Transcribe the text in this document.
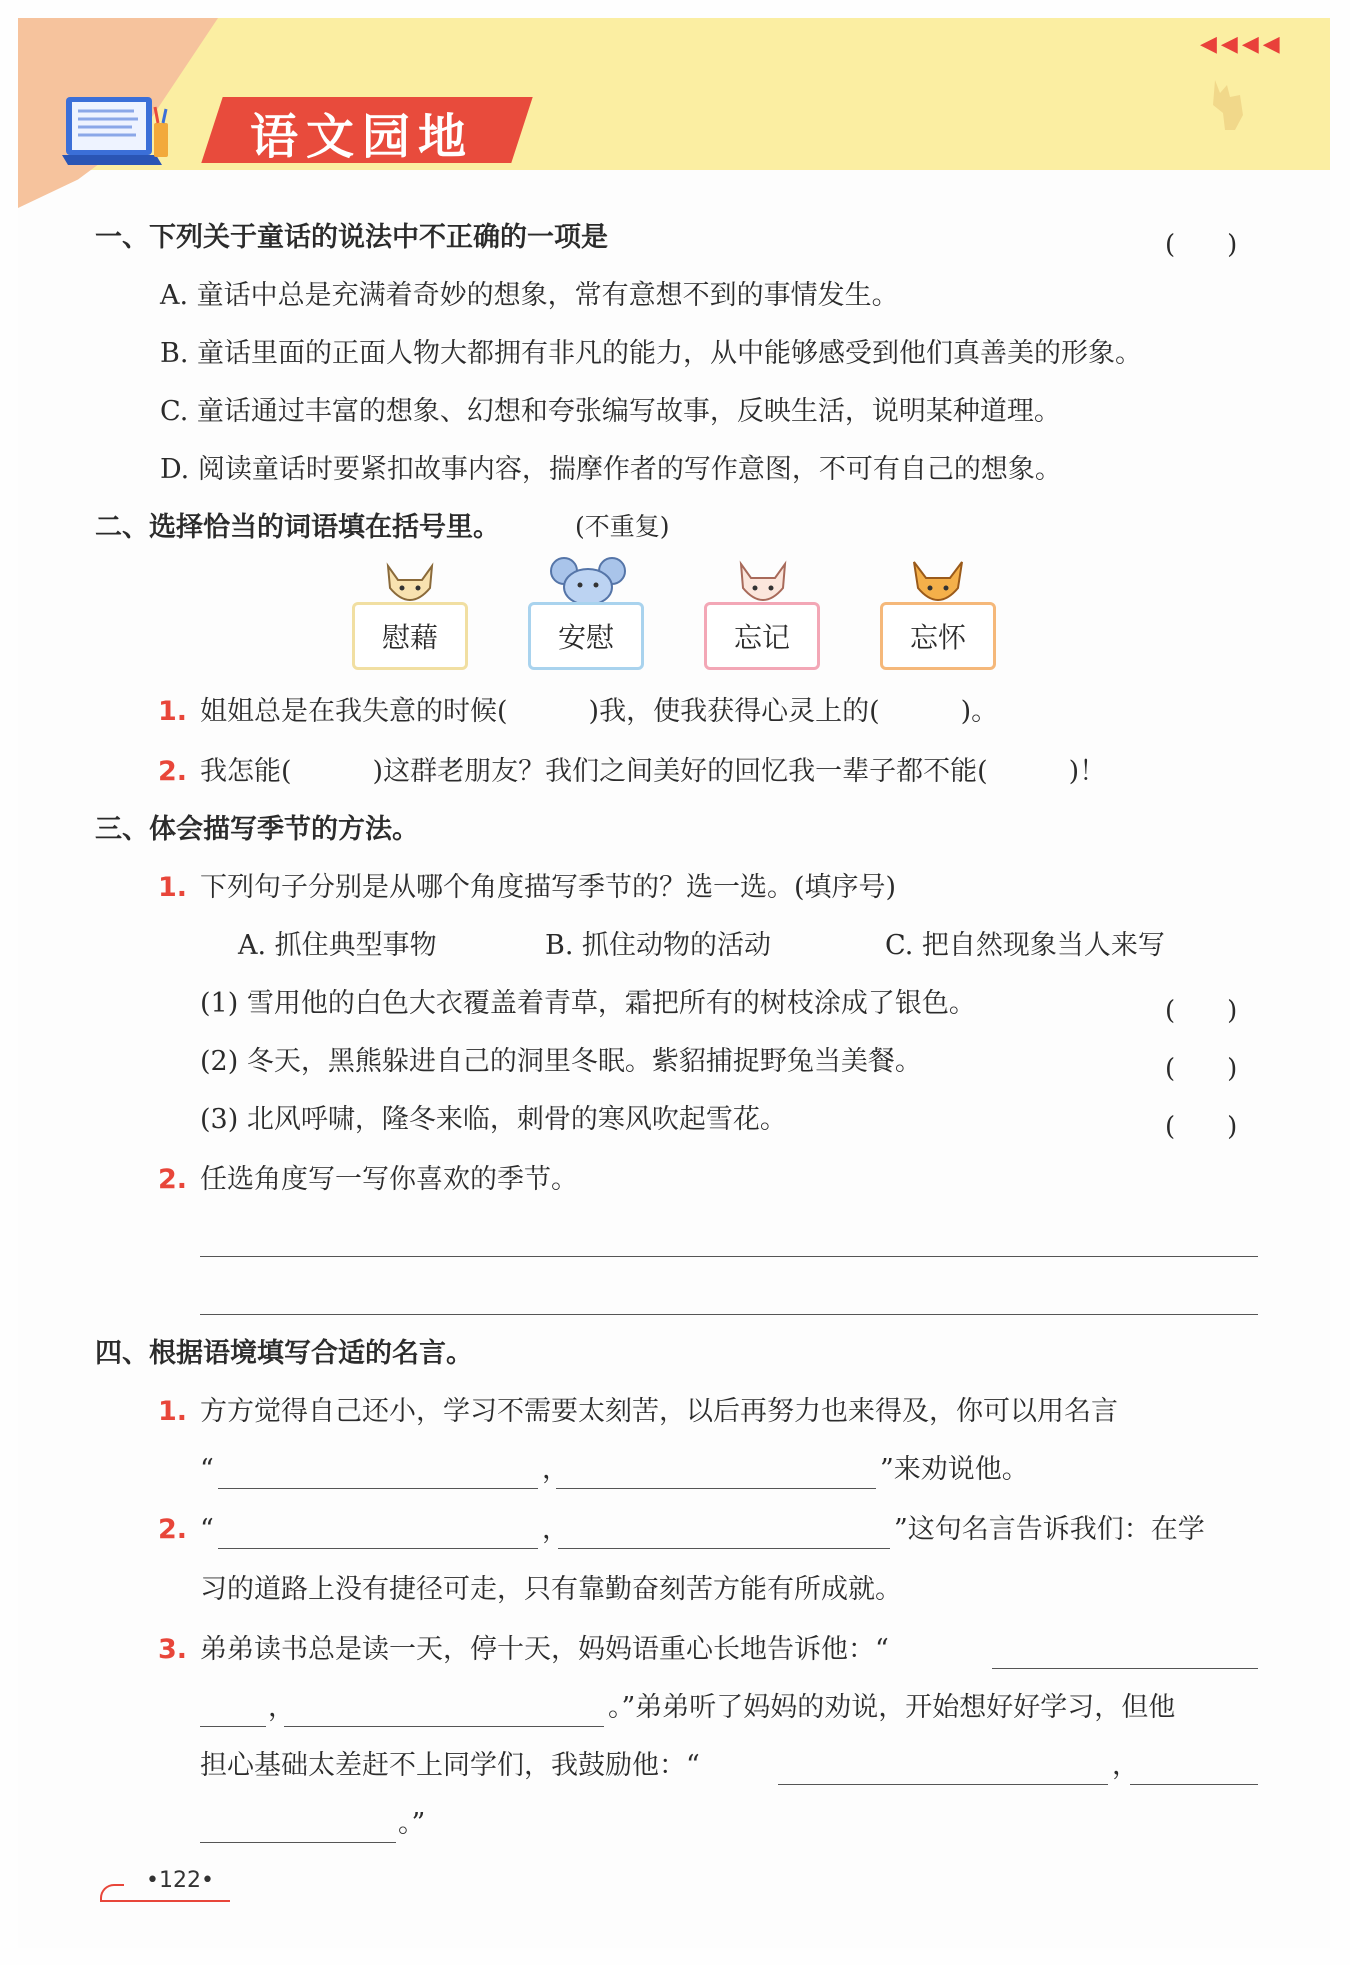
◀◀◀◀
语文园地
一、下列关于童话的说法中不正确的一项是	(　　)
A. 童话中总是充满着奇妙的想象，常有意想不到的事情发生。
B. 童话里面的正面人物大都拥有非凡的能力，从中能够感受到他们真善美的形象。
C. 童话通过丰富的想象、幻想和夸张编写故事，反映生活，说明某种道理。
D. 阅读童话时要紧扣故事内容，揣摩作者的写作意图，不可有自己的想象。
二、选择恰当的词语填在括号里。	(不重复)
慰藉	安慰	忘记	忘怀
1. 姐姐总是在我失意的时候(　　　)我，使我获得心灵上的(　　　)。
2. 我怎能(　　　)这群老朋友？我们之间美好的回忆我一辈子都不能(　　　)！
三、体会描写季节的方法。
1. 下列句子分别是从哪个角度描写季节的？选一选。(填序号)
A. 抓住典型事物	B. 抓住动物的活动	C. 把自然现象当人来写
(1) 雪用他的白色大衣覆盖着青草，霜把所有的树枝涂成了银色。	(　　)
(2) 冬天，黑熊躲进自己的洞里冬眠。紫貂捕捉野兔当美餐。	(　　)
(3) 北风呼啸，隆冬来临，刺骨的寒风吹起雪花。	(　　)
2. 任选角度写一写你喜欢的季节。
四、根据语境填写合适的名言。
1. 方方觉得自己还小，学习不需要太刻苦，以后再努力也来得及，你可以用名言
“	，	”来劝说他。
2. “	，	”这句名言告诉我们：在学
习的道路上没有捷径可走，只有靠勤奋刻苦方能有所成就。
3. 弟弟读书总是读一天，停十天，妈妈语重心长地告诉他：“
，	。”弟弟听了妈妈的劝说，开始想好好学习，但他
担心基础太差赶不上同学们，我鼓励他：“	，
。”
•122•
